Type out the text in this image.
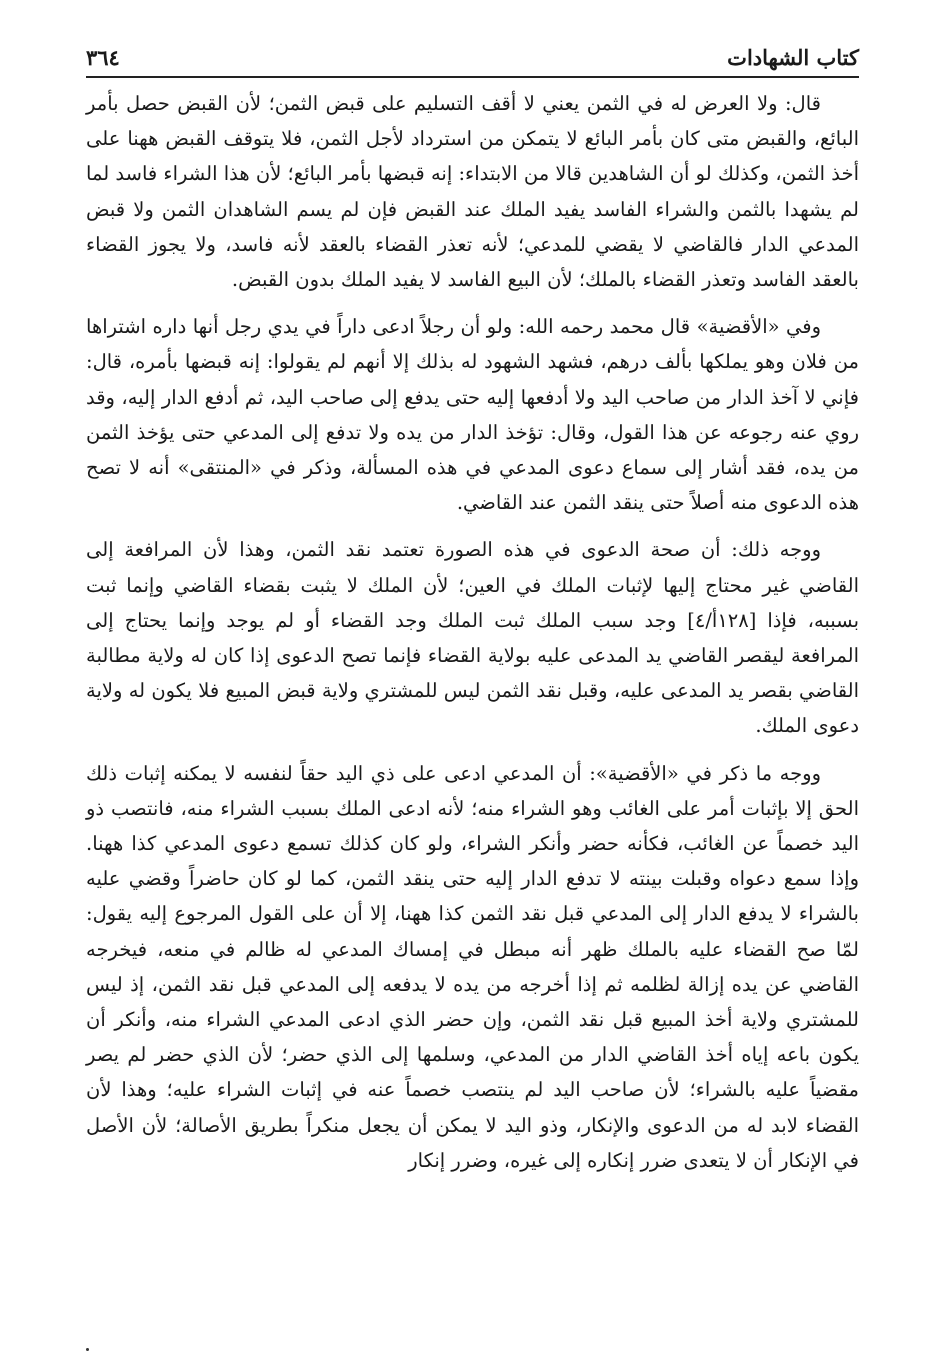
٣٦٤	كتاب الشهادات

قال: ولا العرض له في الثمن يعني لا أقف التسليم على قبض الثمن؛ لأن القبض حصل بأمر البائع، والقبض متى كان بأمر البائع لا يتمكن من استرداد لأجل الثمن، فلا يتوقف القبض ههنا على أخذ الثمن، وكذلك لو أن الشاهدين قالا من الابتداء: إنه قبضها بأمر البائع؛ لأن هذا الشراء فاسد لما لم يشهدا بالثمن والشراء الفاسد يفيد الملك عند القبض فإن لم يسم الشاهدان الثمن ولا قبض المدعي الدار فالقاضي لا يقضي للمدعي؛ لأنه تعذر القضاء بالعقد لأنه فاسد، ولا يجوز القضاء بالعقد الفاسد وتعذر القضاء بالملك؛ لأن البيع الفاسد لا يفيد الملك بدون القبض.

وفي «الأقضية» قال محمد رحمه الله: ولو أن رجلاً ادعى داراً في يدي رجل أنها داره اشتراها من فلان وهو يملكها بألف درهم، فشهد الشهود له بذلك إلا أنهم لم يقولوا: إنه قبضها بأمره، قال: فإني لا آخذ الدار من صاحب اليد ولا أدفعها إليه حتى يدفع إلى صاحب اليد، ثم أدفع الدار إليه، وقد روي عنه رجوعه عن هذا القول، وقال: تؤخذ الدار من يده ولا تدفع إلى المدعي حتى يؤخذ الثمن من يده، فقد أشار إلى سماع دعوى المدعي في هذه المسألة، وذكر في «المنتقى» أنه لا تصح هذه الدعوى منه أصلاً حتى ينقد الثمن عند القاضي.

ووجه ذلك: أن صحة الدعوى في هذه الصورة تعتمد نقد الثمن، وهذا لأن المرافعة إلى القاضي غير محتاج إليها لإثبات الملك في العين؛ لأن الملك لا يثبت بقضاء القاضي وإنما ثبت بسببه، فإذا [١٢٨أ/٤] وجد سبب الملك ثبت الملك وجد القضاء أو لم يوجد وإنما يحتاج إلى المرافعة ليقصر القاضي يد المدعى عليه بولاية القضاء فإنما تصح الدعوى إذا كان له ولاية مطالبة القاضي بقصر يد المدعى عليه، وقبل نقد الثمن ليس للمشتري ولاية قبض المبيع فلا يكون له ولاية دعوى الملك.

ووجه ما ذكر في «الأقضية»: أن المدعي ادعى على ذي اليد حقاً لنفسه لا يمكنه إثبات ذلك الحق إلا بإثبات أمر على الغائب وهو الشراء منه؛ لأنه ادعى الملك بسبب الشراء منه، فانتصب ذو اليد خصماً عن الغائب، فكأنه حضر وأنكر الشراء، ولو كان كذلك تسمع دعوى المدعي كذا ههنا. وإذا سمع دعواه وقبلت بينته لا تدفع الدار إليه حتى ينقد الثمن، كما لو كان حاضراً وقضي عليه بالشراء لا يدفع الدار إلى المدعي قبل نقد الثمن كذا ههنا، إلا أن على القول المرجوع إليه يقول: لمّا صح القضاء عليه بالملك ظهر أنه مبطل في إمساك المدعي له ظالم في منعه، فيخرجه القاضي عن يده إزالة لظلمه ثم إذا أخرجه من يده لا يدفعه إلى المدعي قبل نقد الثمن، إذ ليس للمشتري ولاية أخذ المبيع قبل نقد الثمن، وإن حضر الذي ادعى المدعي الشراء منه، وأنكر أن يكون باعه إياه أخذ القاضي الدار من المدعي، وسلمها إلى الذي حضر؛ لأن الذي حضر لم يصر مقضياً عليه بالشراء؛ لأن صاحب اليد لم ينتصب خصماً عنه في إثبات الشراء عليه؛ وهذا لأن القضاء لابد له من الدعوى والإنكار، وذو اليد لا يمكن أن يجعل منكراً بطريق الأصالة؛ لأن الأصل في الإنكار أن لا يتعدى ضرر إنكاره إلى غيره، وضرر إنكار
